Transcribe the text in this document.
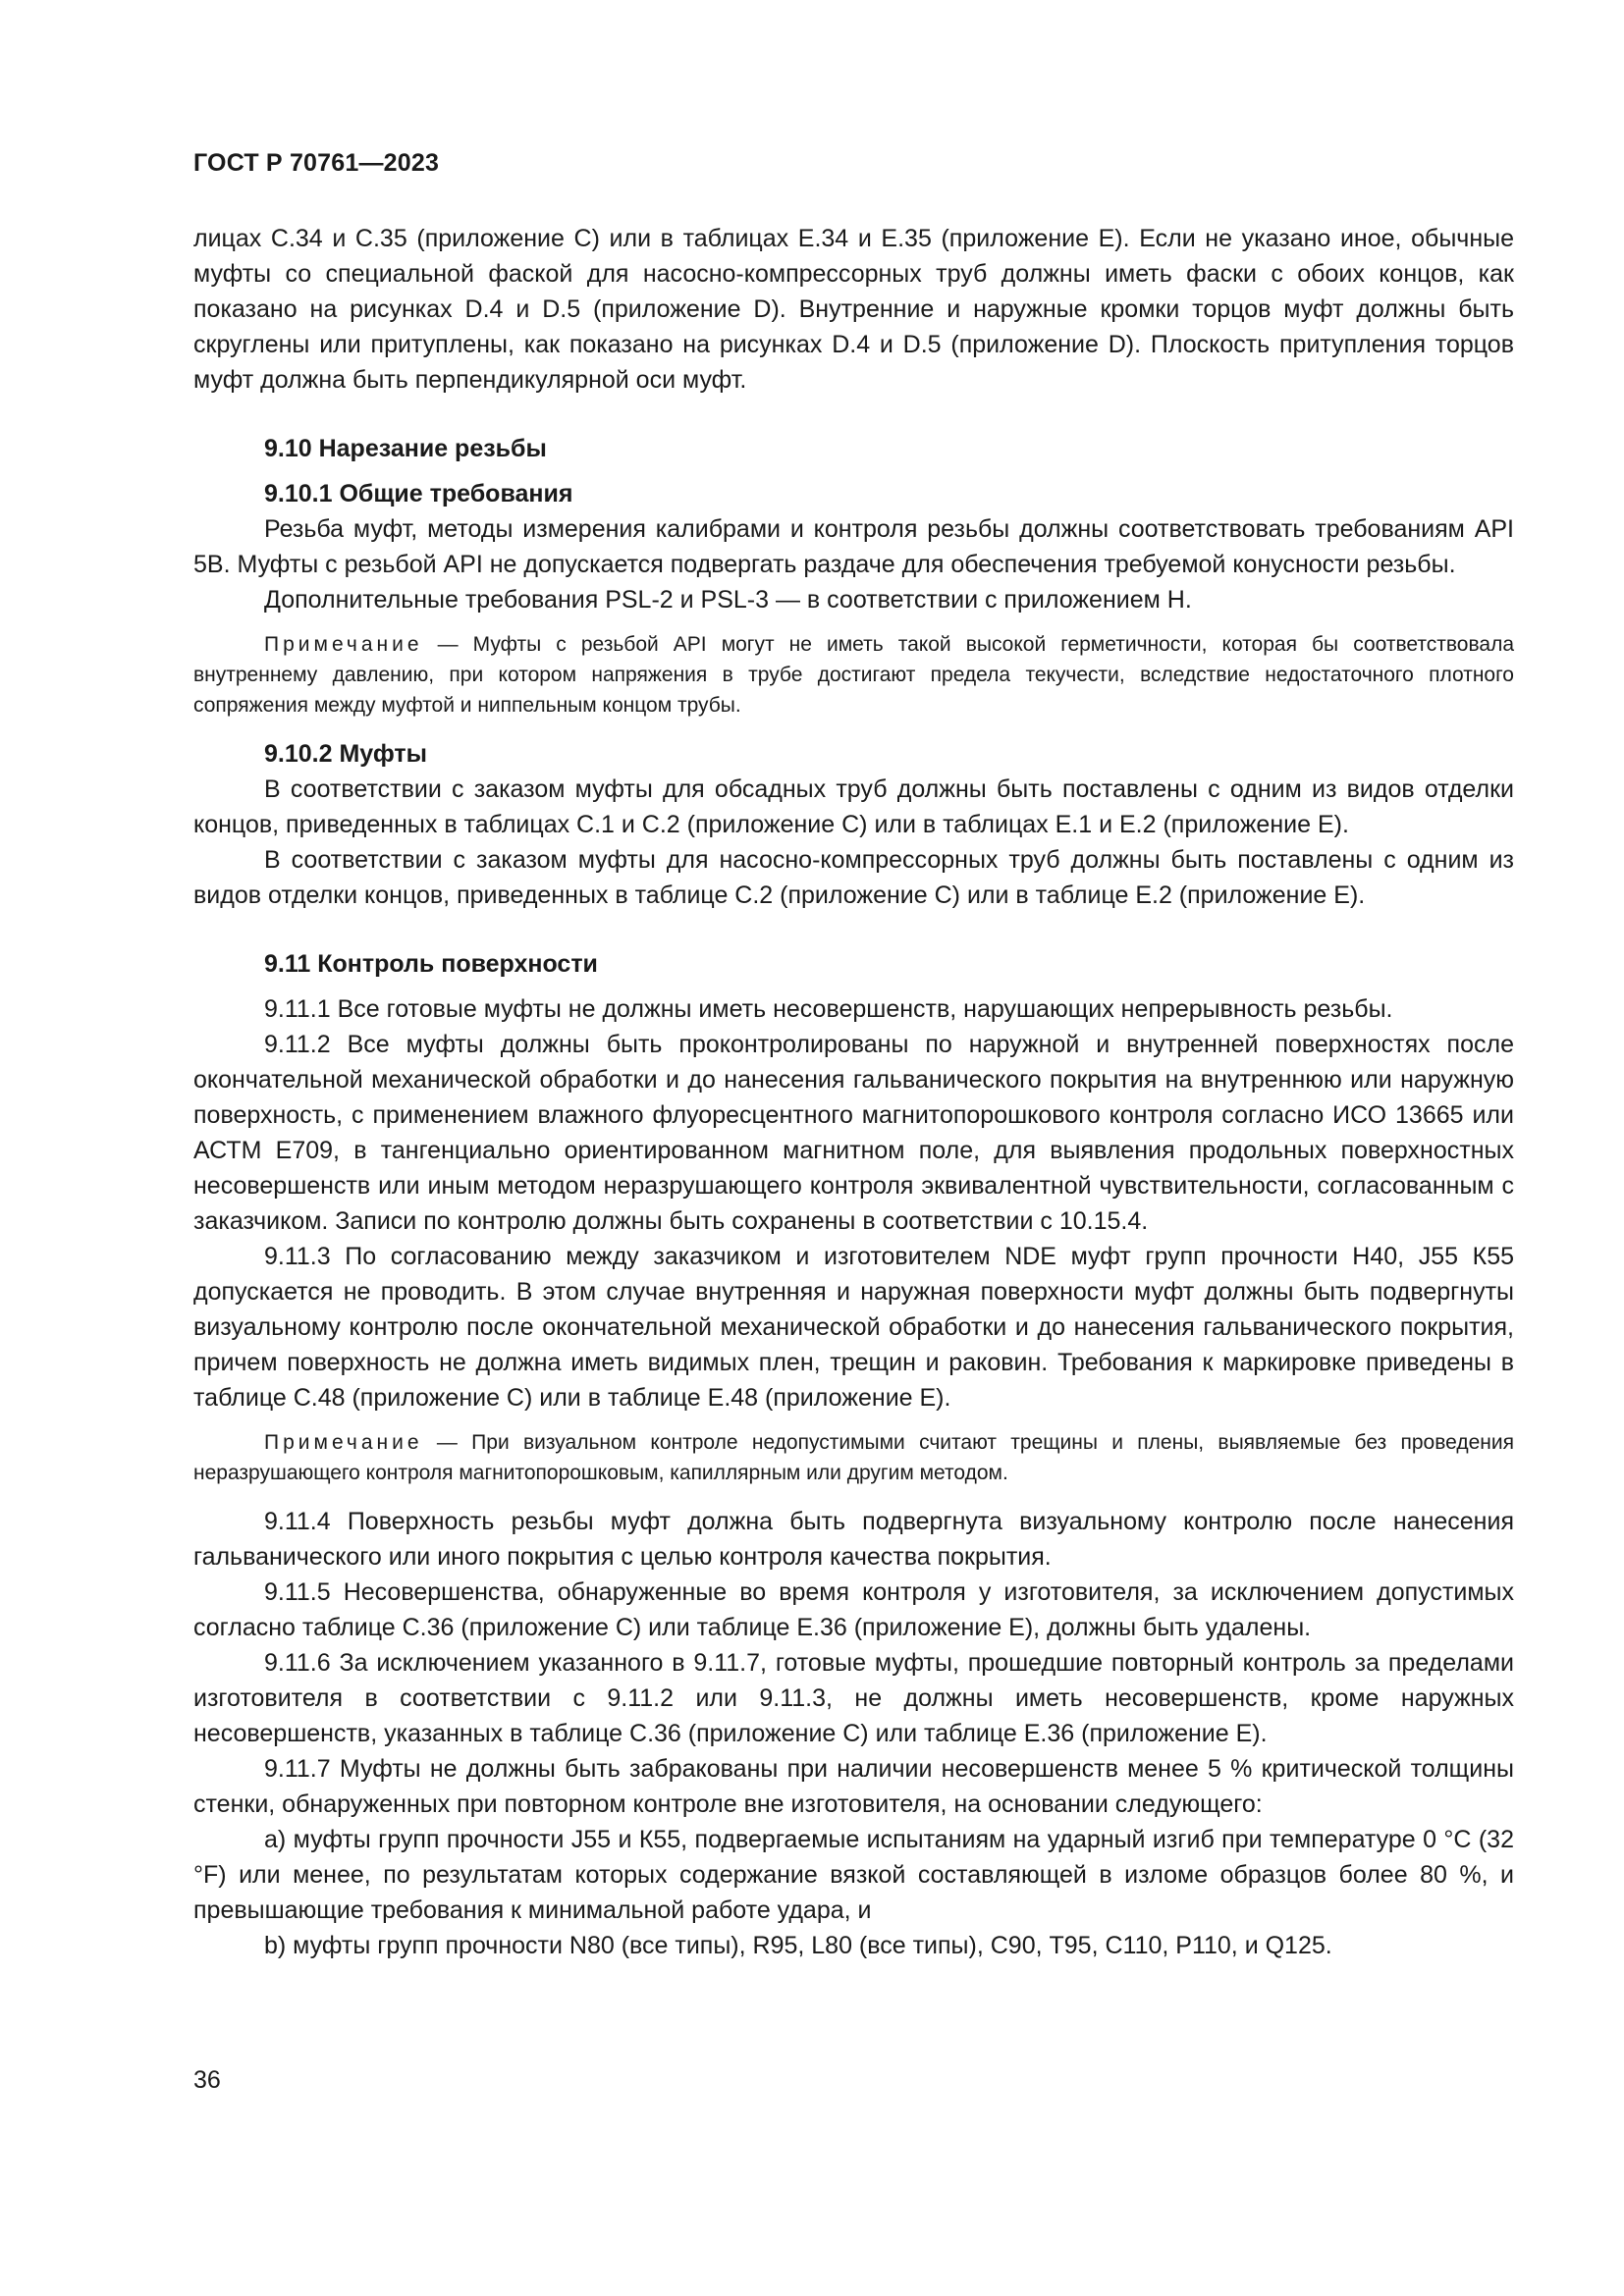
ГОСТ Р 70761—2023

лицах С.34 и С.35 (приложение С) или в таблицах Е.34 и Е.35 (приложение Е). Если не указано иное, обычные муфты со специальной фаской для насосно-компрессорных труб должны иметь фаски с обоих концов, как показано на рисунках D.4 и D.5 (приложение D). Внутренние и наружные кромки торцов муфт должны быть скруглены или притуплены, как показано на рисунках D.4 и D.5 (приложение D). Плоскость притупления торцов муфт должна быть перпендикулярной оси муфт.

9.10 Нарезание резьбы
9.10.1 Общие требования

Резьба муфт, методы измерения калибрами и контроля резьбы должны соответствовать требованиям API 5B. Муфты с резьбой API не допускается подвергать раздаче для обеспечения требуемой конусности резьбы.

Дополнительные требования PSL-2 и PSL-3 — в соответствии с приложением Н.

Примечание — Муфты с резьбой API могут не иметь такой высокой герметичности, которая бы соответствовала внутреннему давлению, при котором напряжения в трубе достигают предела текучести, вследствие недостаточного плотного сопряжения между муфтой и ниппельным концом трубы.

9.10.2 Муфты

В соответствии с заказом муфты для обсадных труб должны быть поставлены с одним из видов отделки концов, приведенных в таблицах С.1 и С.2 (приложение С) или в таблицах Е.1 и Е.2 (приложение Е).

В соответствии с заказом муфты для насосно-компрессорных труб должны быть поставлены с одним из видов отделки концов, приведенных в таблице С.2 (приложение С) или в таблице Е.2 (приложение Е).

9.11 Контроль поверхности

9.11.1 Все готовые муфты не должны иметь несовершенств, нарушающих непрерывность резьбы.

9.11.2 Все муфты должны быть проконтролированы по наружной и внутренней поверхностях после окончательной механической обработки и до нанесения гальванического покрытия на внутреннюю или наружную поверхность, с применением влажного флуоресцентного магнитопорошкового контроля согласно ИСО 13665 или АСТМ Е709, в тангенциально ориентированном магнитном поле, для выявления продольных поверхностных несовершенств или иным методом неразрушающего контроля эквивалентной чувствительности, согласованным с заказчиком. Записи по контролю должны быть сохранены в соответствии с 10.15.4.

9.11.3 По согласованию между заказчиком и изготовителем NDE муфт групп прочности Н40, J55 К55 допускается не проводить. В этом случае внутренняя и наружная поверхности муфт должны быть подвергнуты визуальному контролю после окончательной механической обработки и до нанесения гальванического покрытия, причем поверхность не должна иметь видимых плен, трещин и раковин. Требования к маркировке приведены в таблице С.48 (приложение С) или в таблице Е.48 (приложение Е).

Примечание — При визуальном контроле недопустимыми считают трещины и плены, выявляемые без проведения неразрушающего контроля магнитопорошковым, капиллярным или другим методом.

9.11.4 Поверхность резьбы муфт должна быть подвергнута визуальному контролю после нанесения гальванического или иного покрытия с целью контроля качества покрытия.

9.11.5 Несовершенства, обнаруженные во время контроля у изготовителя, за исключением допустимых согласно таблице С.36 (приложение С) или таблице Е.36 (приложение Е), должны быть удалены.

9.11.6 За исключением указанного в 9.11.7, готовые муфты, прошедшие повторный контроль за пределами изготовителя в соответствии с 9.11.2 или 9.11.3, не должны иметь несовершенств, кроме наружных несовершенств, указанных в таблице С.36 (приложение С) или таблице Е.36 (приложение Е).

9.11.7 Муфты не должны быть забракованы при наличии несовершенств менее 5 % критической толщины стенки, обнаруженных при повторном контроле вне изготовителя, на основании следующего:

a) муфты групп прочности J55 и К55, подвергаемые испытаниям на ударный изгиб при температуре 0 °С (32 °F) или менее, по результатам которых содержание вязкой составляющей в изломе образцов более 80 %, и превышающие требования к минимальной работе удара, и

b) муфты групп прочности N80 (все типы), R95, L80 (все типы), С90, Т95, С110, Р110, и Q125.

36
